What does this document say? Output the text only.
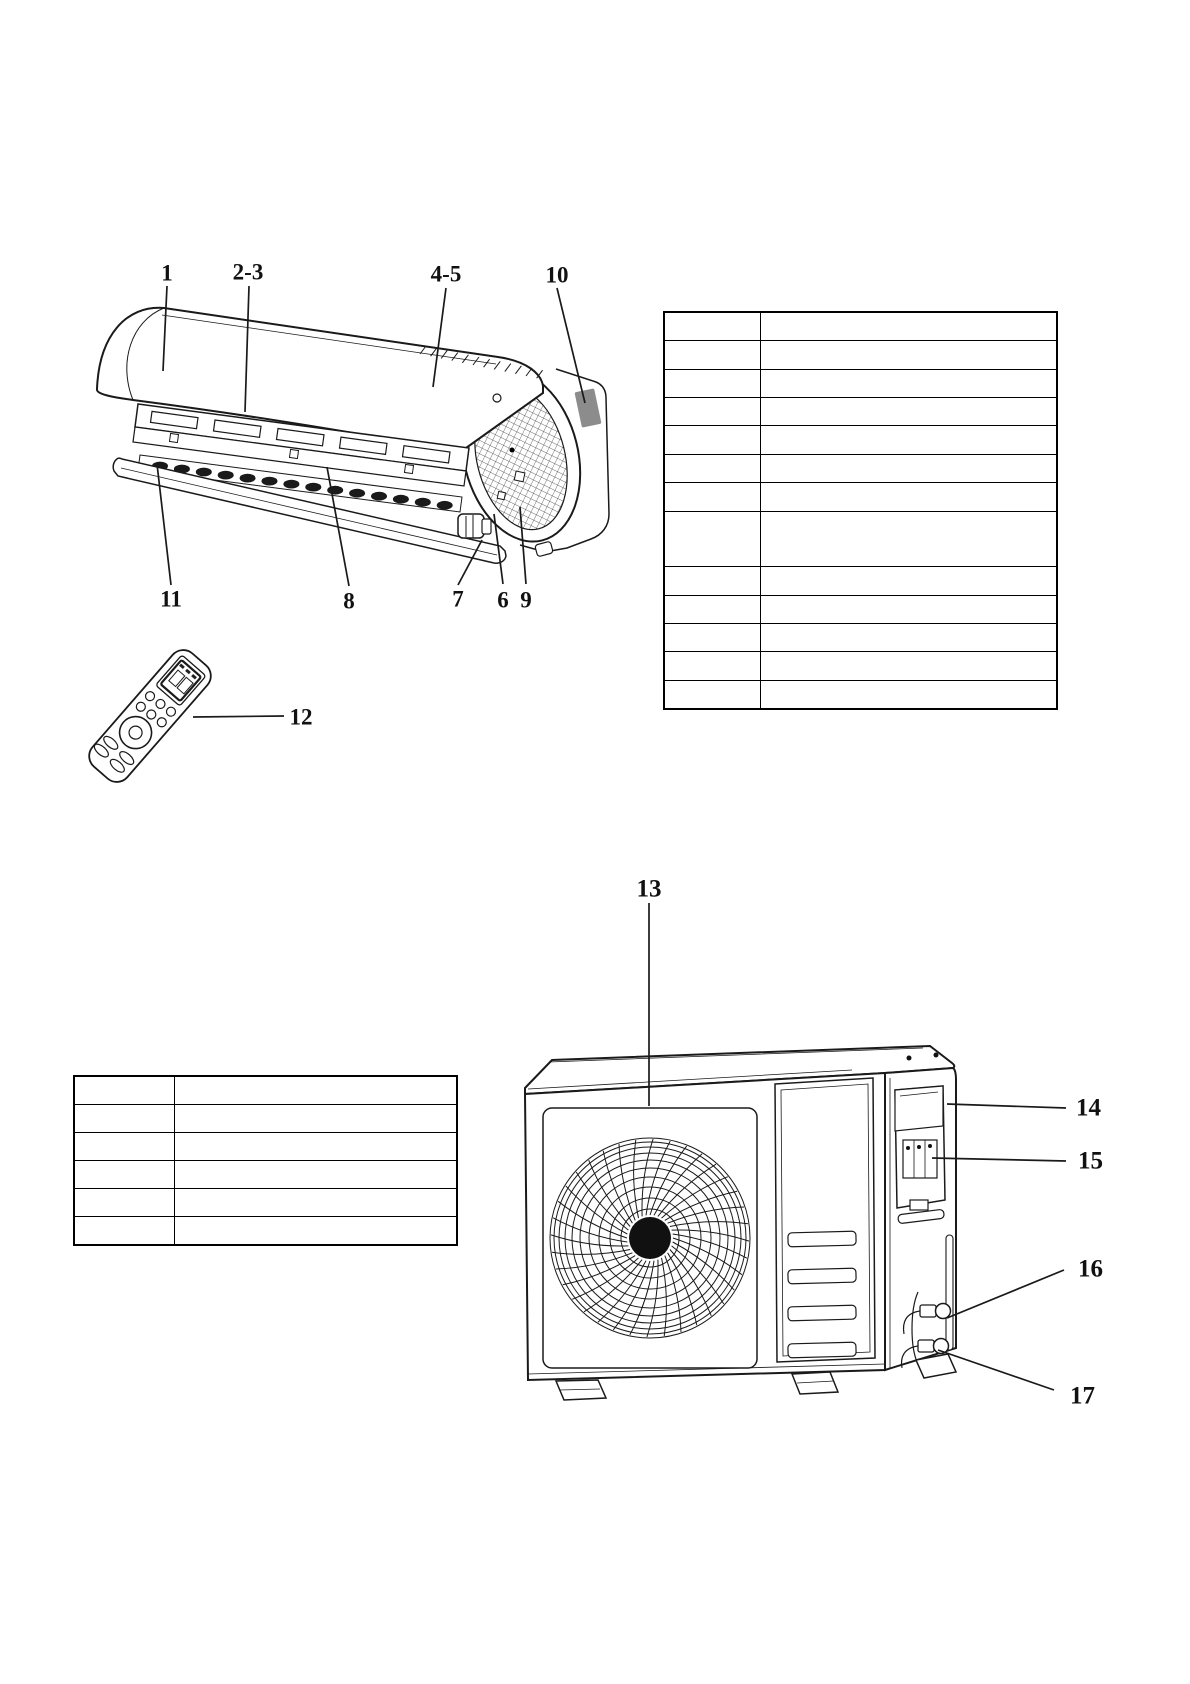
1	2-3	4-5	10
11	8	7 6 9
12
13
14
15
16
17
